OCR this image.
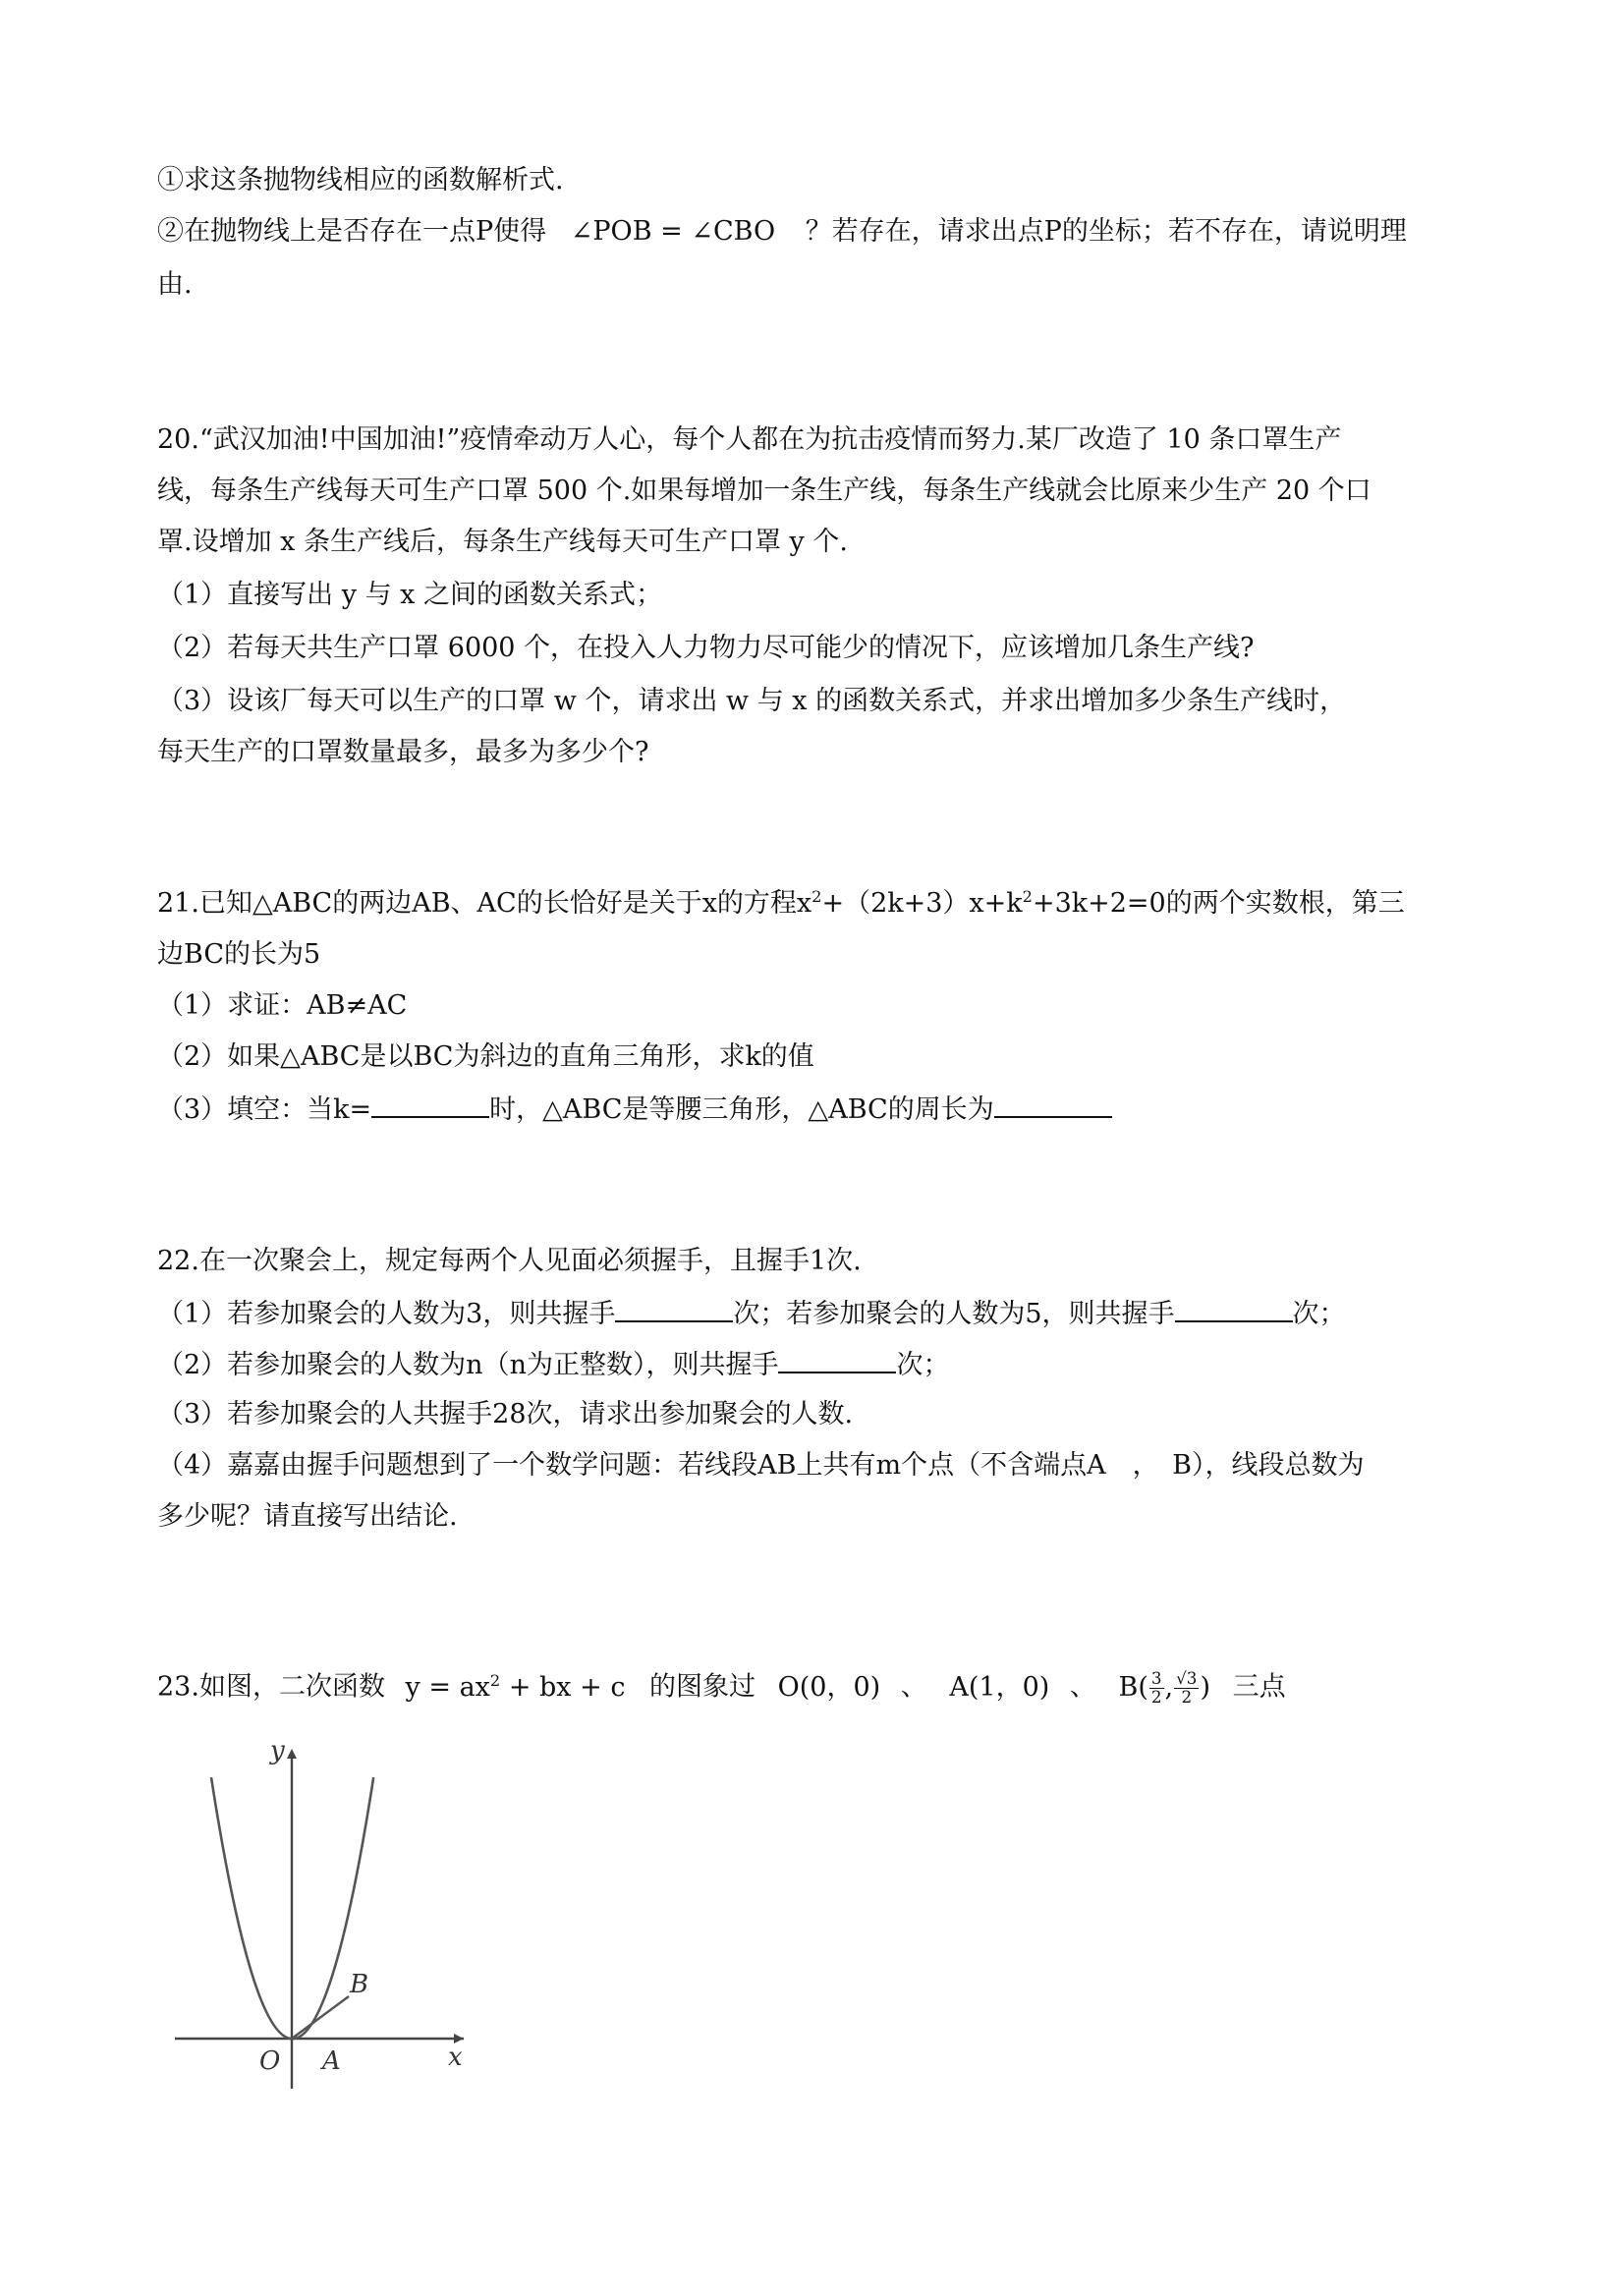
①求这条抛物线相应的函数解析式.
②在抛物线上是否存在一点P使得 ∠POB = ∠CBO ？若存在，请求出点P的坐标；若不存在，请说明理
由.
20.“武汉加油!中国加油!”疫情牵动万人心，每个人都在为抗击疫情而努力.某厂改造了 10 条口罩生产
线，每条生产线每天可生产口罩 500 个.如果每增加一条生产线，每条生产线就会比原来少生产 20 个口
罩.设增加 x 条生产线后，每条生产线每天可生产口罩 y 个.
（1）直接写出 y 与 x 之间的函数关系式；
（2）若每天共生产口罩 6000 个，在投入人力物力尽可能少的情况下，应该增加几条生产线?
（3）设该厂每天可以生产的口罩 w 个，请求出 w 与 x 的函数关系式，并求出增加多少条生产线时，
每天生产的口罩数量最多，最多为多少个?
21.已知△ABC的两边AB、AC的长恰好是关于x的方程$x^2+(2k+3)x+k^2+3k+2=0$的两个实数根，第三
边BC的长为5
（1）求证：AB≠AC
（2）如果△ABC是以BC为斜边的直角三角形，求k的值
（3）填空：当k=	时，△ABC是等腰三角形，△ABC的周长为
22.在一次聚会上，规定每两个人见面必须握手，且握手1次.
（1）若参加聚会的人数为3，则共握手	次；若参加聚会的人数为5，则共握手	次；
（2）若参加聚会的人数为n（n为正整数），则共握手	次；
（3）若参加聚会的人共握手28次，请求出参加聚会的人数.
（4）嘉嘉由握手问题想到了一个数学问题：若线段AB上共有m个点（不含端点A　，　B），线段总数为
多少呢？请直接写出结论.
23.如图，二次函数 $y = ax^2$ + bx + c 的图象过 O(0，0) 、 A(1，0) 、 $B( \frac{3}{2}$ , $\frac{√3}{2}$ ) 三点
y
x
O A
B
